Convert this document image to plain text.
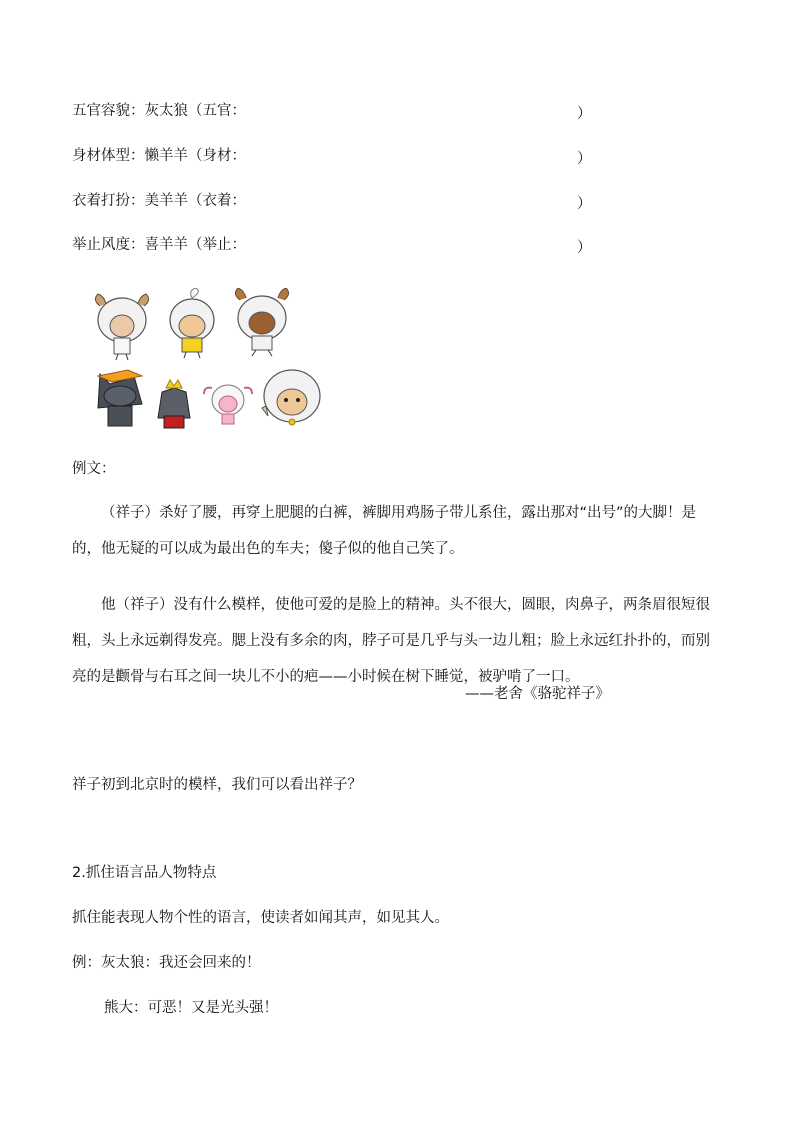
五官容貌：灰太狼（五官：	）
身材体型：懒羊羊（身材：	）
衣着打扮：美羊羊（衣着：	）
举止风度：喜羊羊（举止：	）
例文：
（祥子）杀好了腰，再穿上肥腿的白裤，裤脚用鸡肠子带儿系住，露出那对“出号”的大脚！是的，他无疑的可以成为最出色的车夫；傻子似的他自己笑了。
他（祥子）没有什么模样，使他可爱的是脸上的精神。头不很大，圆眼，肉鼻子，两条眉很短很粗，头上永远剃得发亮。腮上没有多余的肉，脖子可是几乎与头一边儿粗；脸上永远红扑扑的，而别亮的是颧骨与右耳之间一块儿不小的疤——小时候在树下睡觉，被驴啃了一口。
——老舍《骆驼祥子》
祥子初到北京时的模样，我们可以看出祥子？
2.抓住语言品人物特点
抓住能表现人物个性的语言，使读者如闻其声，如见其人。
例：灰太狼：我还会回来的！
熊大：可恶！又是光头强！
